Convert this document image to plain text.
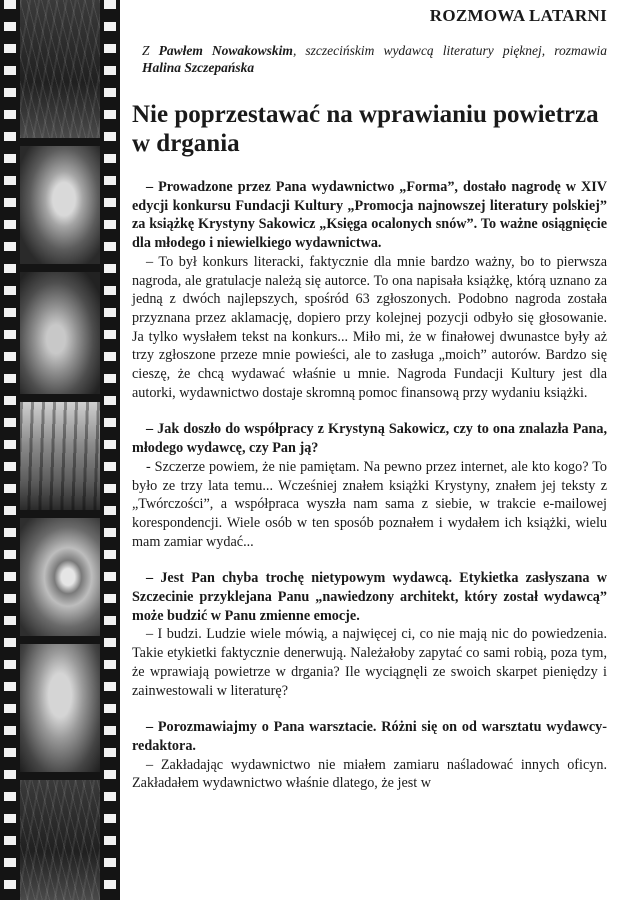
ROZMOWA LATARNI
Z Pawłem Nowakowskim, szczecińskim wydawcą literatury pięknej, rozmawia Halina Szczepańska
Nie poprzestawać na wprawianiu powietrza w drgania

– Prowadzone przez Pana wydawnictwo „Forma”, dostało nagrodę w XIV edycji konkursu Fundacji Kultury „Promocja najnowszej literatury polskiej” za książkę Krystyny Sakowicz „Księga ocalonych snów”. To ważne osiągnięcie dla młodego i niewielkiego wydawnictwa.

– To był konkurs literacki, faktycznie dla mnie bardzo ważny, bo to pierwsza nagroda, ale gratulacje należą się autorce. To ona napisała książkę, którą uznano za jedną z dwóch najlepszych, spośród 63 zgłoszonych. Podobno nagroda została przyznana przez aklamację, dopiero przy kolejnej pozycji odbyło się głosowanie. Ja tylko wysłałem tekst na konkurs... Miło mi, że w finałowej dwunastce były aż trzy zgłoszone przeze mnie powieści, ale to zasługa „moich” autorów. Bardzo się cieszę, że chcą wydawać właśnie u mnie. Nagroda Fundacji Kultury jest dla autorki, wydawnictwo dostaje skromną pomoc finansową przy wydaniu książki.

– Jak doszło do współpracy z Krystyną Sakowicz, czy to ona znalazła Pana, młodego wydawcę, czy Pan ją?

- Szczerze powiem, że nie pamiętam. Na pewno przez internet, ale kto kogo? To było ze trzy lata temu... Wcześniej znałem książki Krystyny, znałem jej teksty z „Twórczości”, a współpraca wyszła nam sama z siebie, w trakcie e-mailowej korespondencji. Wiele osób w ten sposób poznałem i wydałem ich książki, wielu mam zamiar wydać...

– Jest Pan chyba trochę nietypowym wydawcą. Etykietka zasłyszana w Szczecinie przyklejana Panu „nawiedzony architekt, który został wydawcą” może budzić w Panu zmienne emocje.

– I budzi. Ludzie wiele mówią, a najwięcej ci, co nie mają nic do powiedzenia. Takie etykietki faktycznie denerwują. Należałoby zapytać co sami robią, poza tym, że wprawiają powietrze w drgania? Ile wyciągnęli ze swoich skarpet pieniędzy i zainwestowali w literaturę?

– Porozmawiajmy o Pana warsztacie. Różni się on od warsztatu wydawcy-redaktora.

– Zakładając wydawnictwo nie miałem zamiaru naśladować innych oficyn. Zakładałem wydawnictwo właśnie dlatego, że jest w
